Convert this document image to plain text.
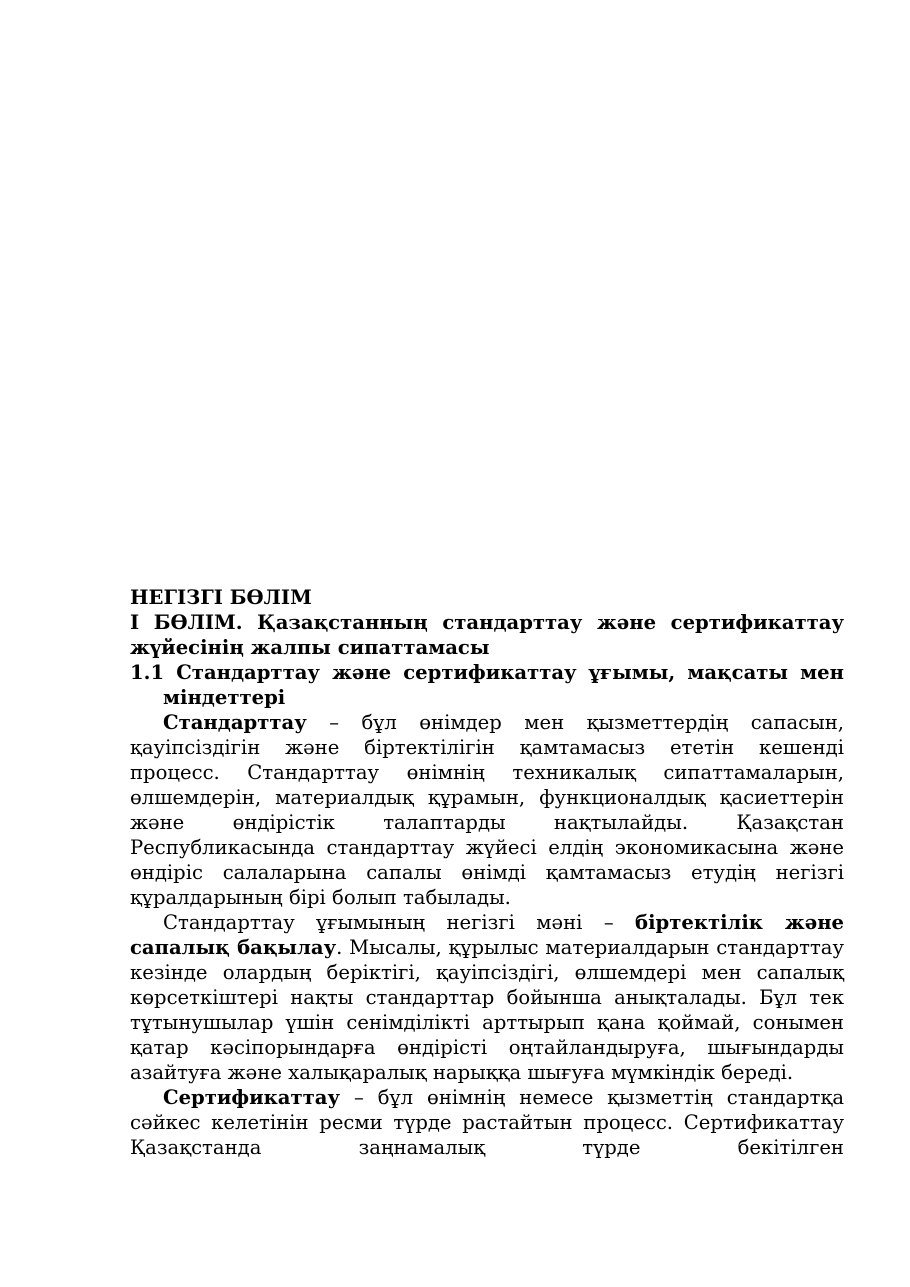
НЕГІЗГІ БӨЛІМ

I БӨЛІМ. Қазақстанның стандарттау және сертификаттау жүйесінің жалпы сипаттамасы

1.1 Стандарттау және сертификаттау ұғымы, мақсаты мен міндеттері

Стандарттау – бұл өнімдер мен қызметтердің сапасын, қауіпсіздігін және біртектілігін қамтамасыз ететін кешенді процесс. Стандарттау өнімнің техникалық сипаттамаларын, өлшемдерін, материалдық құрамын, функционалдық қасиеттерін және өндірістік талаптарды нақтылайды. Қазақстан Республикасында стандарттау жүйесі елдің экономикасына және өндіріс салаларына сапалы өнімді қамтамасыз етудің негізгі құралдарының бірі болып табылады.

Стандарттау ұғымының негізгі мәні – біртектілік және сапалық бақылау. Мысалы, құрылыс материалдарын стандарттау кезінде олардың беріктігі, қауіпсіздігі, өлшемдері мен сапалық көрсеткіштері нақты стандарттар бойынша анықталады. Бұл тек тұтынушылар үшін сенімділікті арттырып қана қоймай, сонымен қатар кәсіпорындарға өндірісті оңтайландыруға, шығындарды азайтуға және халықаралық нарыққа шығуға мүмкіндік береді.

Сертификаттау – бұл өнімнің немесе қызметтің стандартқа сәйкес келетінін ресми түрде растайтын процесс. Сертификаттау Қазақстанда заңнамалық түрде бекітілген
